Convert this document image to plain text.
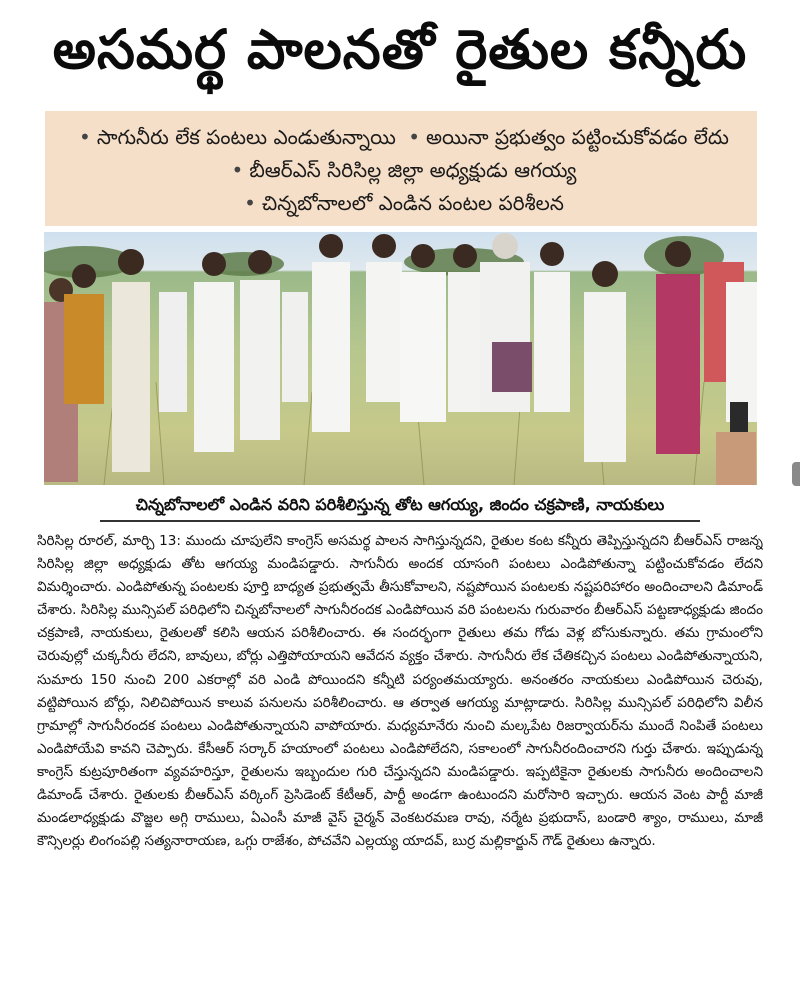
అసమర్థ పాలనతో రైతుల కన్నీరు
• సాగునీరు లేక పంటలు ఎండుతున్నాయి • అయినా ప్రభుత్వం పట్టించుకోవడం లేదు • బీఆర్‌ఎస్‌ సిరిసిల్ల జిల్లా అధ్యక్షుడు ఆగయ్య
• చిన్నబోనాలలో ఎండిన పంటల పరిశీలన
చిన్నబోనాలలో ఎండిన వరిని పరిశీలిస్తున్న తోట ఆగయ్య, జిందం చక్రపాణి, నాయకులు

సిరిసిల్ల రూరల్‌, మార్చి 13: ముందు చూపులేని కాంగ్రెస్‌ అసమర్థ పాలన సాగిస్తున్నదని, రైతుల కంట కన్నీరు తెప్పిస్తున్నదని బీఆర్‌ఎస్‌ రాజన్న సిరిసిల్ల జిల్లా అధ్యక్షుడు తోట ఆగయ్య మండిపడ్డారు. సాగునీరు అందక యాసంగి పంటలు ఎండిపోతున్నా పట్టించుకోవడం లేదని విమర్శించారు. ఎండిపోతున్న పంటలకు పూర్తి బాధ్యత ప్రభుత్వమే తీసుకోవాలని, నష్టపోయిన పంటలకు నష్టపరిహారం అందించాలని డిమాండ్‌ చేశారు. సిరిసిల్ల మున్సిపల్‌ పరిధిలోని చిన్నబోనాలలో సాగునీరందక ఎండిపోయిన వరి పంటలను గురువారం బీఆర్‌ఎస్‌ పట్టణాధ్యక్షుడు జిందం చక్రపాణి, నాయకులు, రైతులతో కలిసి ఆయన పరిశీలించారు. ఈ సందర్భంగా రైతులు తమ గోడు వెళ్ల బోసుకున్నారు. తమ గ్రామంలోని చెరువుల్లో చుక్కనీరు లేదని, బావులు, బోర్లు ఎత్తిపోయాయని ఆవేదన వ్యక్తం చేశారు. సాగునీరు లేక చేతికచ్చిన పంటలు ఎండిపోతున్నాయని, సుమారు 150 నుంచి 200 ఎకరాల్లో వరి ఎండి పోయిందని కన్నీటి పర్యంతమయ్యారు. అనంతరం నాయకులు ఎండిపోయిన చెరువు, వట్టిపోయిన బోర్లు, నిలిచిపోయిన కాలువ పనులను పరిశీలించారు. ఆ తర్వాత ఆగయ్య మాట్లాడారు. సిరిసిల్ల మున్సిపల్‌ పరిధిలోని విలీన గ్రామాల్లో సాగునీరందక పంటలు ఎండిపోతున్నాయని వాపోయారు. మధ్యమానేరు నుంచి మల్కపేట రిజర్వాయర్‌ను ముందే నింపితే పంటలు ఎండిపోయేవి కావని చెప్పారు. కేసీఆర్‌ సర్కార్‌ హయాంలో పంటలు ఎండిపోలేదని, సకాలంలో సాగునీరందించారని గుర్తు చేశారు. ఇప్పుడున్న కాంగ్రెస్‌ కుట్రపూరితంగా వ్యవహరిస్తూ, రైతులను ఇబ్బందుల గురి చేస్తున్నదని మండిపడ్డారు. ఇప్పటికైనా రైతులకు సాగునీరు అందించాలని డిమాండ్‌ చేశారు. రైతులకు బీఆర్‌ఎస్‌ వర్కింగ్‌ ప్రెసిడెంట్‌ కేటీఆర్‌, పార్టీ అండగా ఉంటుందని మరోసారి ఇచ్చారు. ఆయన వెంట పార్టీ మాజీ మండలాధ్యక్షుడు వొజ్జల అగ్గి రాములు, ఏఎంసీ మాజీ వైస్‌ చైర్మన్‌ వెంకటరమణ రావు, నర్మేట ప్రభుదాస్‌, బండారి శ్యాం, రాములు, మాజీ కౌన్సిలర్లు లింగంపల్లి సత్యనారాయణ, ఒగ్గు రాజేశం, పోచవేని ఎల్లయ్య యాదవ్‌, బుర్ర మల్లికార్జున్‌ గౌడ్‌ రైతులు ఉన్నారు.
